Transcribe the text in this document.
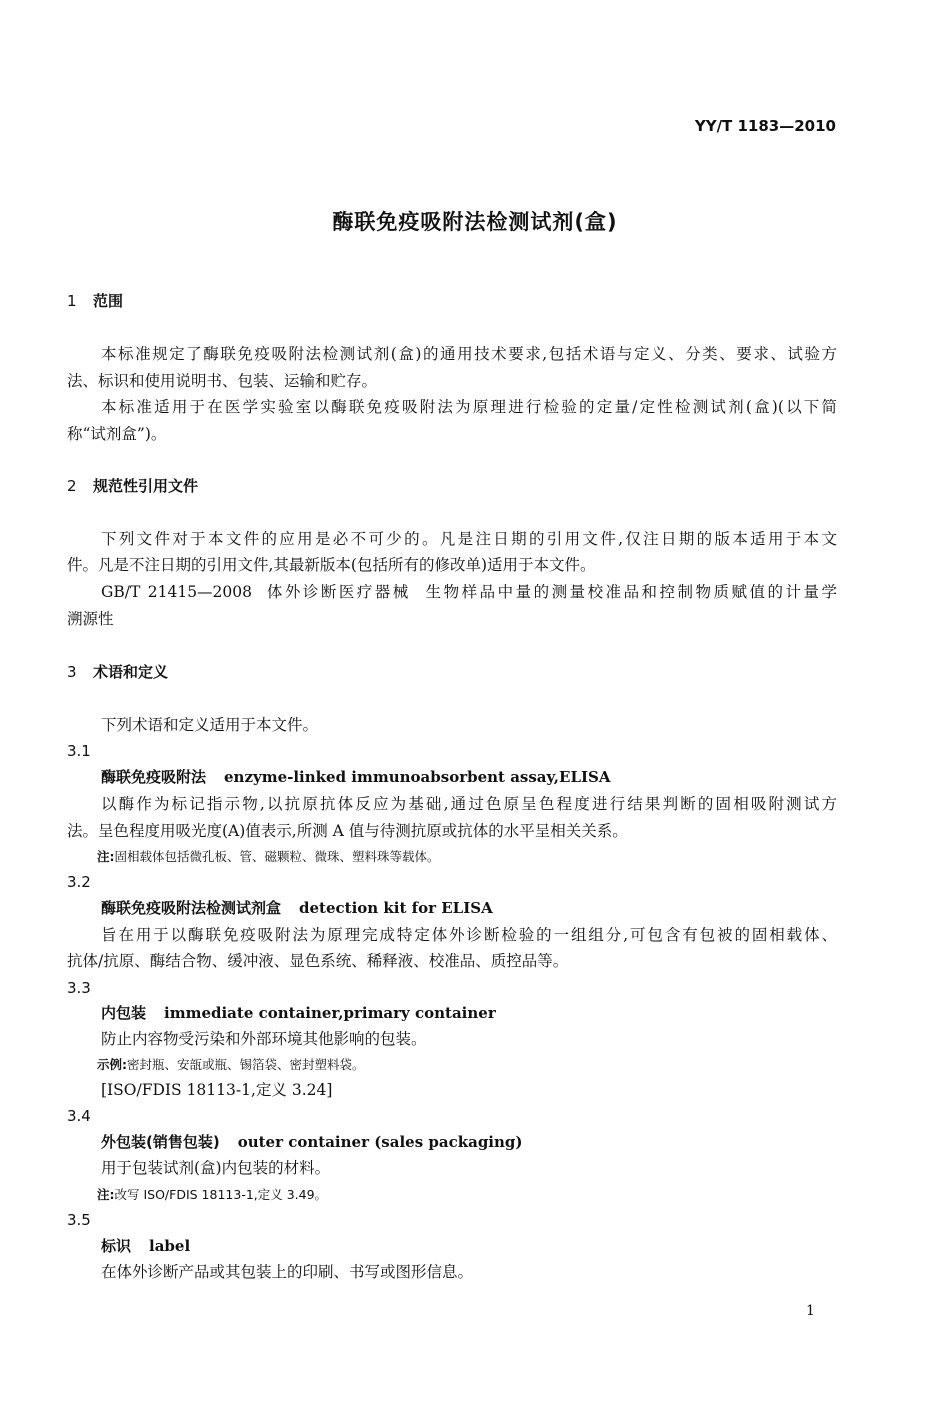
YY/T 1183—2010
酶联免疫吸附法检测试剂(盒)
1 范围
本标准规定了酶联免疫吸附法检测试剂(盒)的通用技术要求,包括术语与定义、分类、要求、试验方
法、标识和使用说明书、包装、运输和贮存。
本标准适用于在医学实验室以酶联免疫吸附法为原理进行检验的定量/定性检测试剂(盒)(以下简
称“试剂盒”)。
2 规范性引用文件
下列文件对于本文件的应用是必不可少的。凡是注日期的引用文件,仅注日期的版本适用于本文
件。凡是不注日期的引用文件,其最新版本(包括所有的修改单)适用于本文件。
GB/T 21415—2008  体外诊断医疗器械  生物样品中量的测量校准品和控制物质赋值的计量学
溯源性
3 术语和定义
下列术语和定义适用于本文件。
3.1
酶联免疫吸附法 enzyme-linked immunoabsorbent assay,ELISA
以酶作为标记指示物,以抗原抗体反应为基础,通过色原呈色程度进行结果判断的固相吸附测试方
法。呈色程度用吸光度(A)值表示,所测 A 值与待测抗原或抗体的水平呈相关关系。
注:固相载体包括微孔板、管、磁颗粒、微珠、塑料珠等载体。
3.2
酶联免疫吸附法检测试剂盒 detection kit for ELISA
旨在用于以酶联免疫吸附法为原理完成特定体外诊断检验的一组组分,可包含有包被的固相载体、
抗体/抗原、酶结合物、缓冲液、显色系统、稀释液、校准品、质控品等。
3.3
内包装 immediate container,primary container
防止内容物受污染和外部环境其他影响的包装。
示例:密封瓶、安瓿或瓶、锡箔袋、密封塑料袋。
[ISO/FDIS 18113-1,定义 3.24]
3.4
外包装(销售包装) outer container (sales packaging)
用于包装试剂(盒)内包装的材料。
注:改写 ISO/FDIS 18113-1,定义 3.49。
3.5
标识 label
在体外诊断产品或其包装上的印刷、书写或图形信息。
1
